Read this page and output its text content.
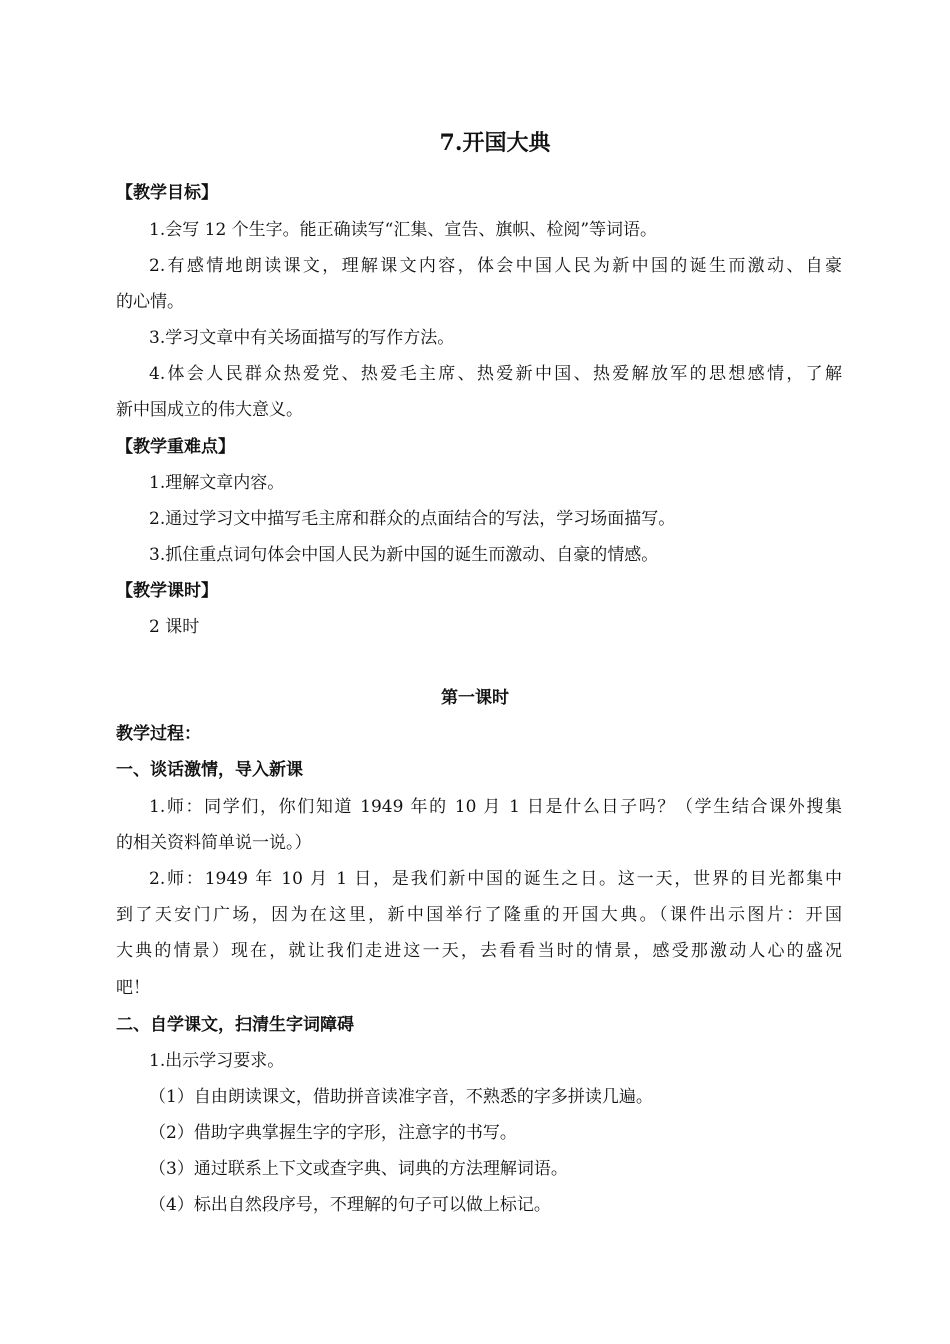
7.开国大典
【教学目标】
1.会写 12 个生字。能正确读写“汇集、宣告、旗帜、检阅”等词语。
2.有感情地朗读课文，理解课文内容，体会中国人民为新中国的诞生而激动、自豪
的心情。
3.学习文章中有关场面描写的写作方法。
4.体会人民群众热爱党、热爱毛主席、热爱新中国、热爱解放军的思想感情，了解
新中国成立的伟大意义。
【教学重难点】
1.理解文章内容。
2.通过学习文中描写毛主席和群众的点面结合的写法，学习场面描写。
3.抓住重点词句体会中国人民为新中国的诞生而激动、自豪的情感。
【教学课时】
2 课时
第一课时
教学过程：
一、谈话激情，导入新课
1.师：同学们，你们知道 1949 年的 10 月 1 日是什么日子吗？（学生结合课外搜集
的相关资料简单说一说。）
2.师：1949 年 10 月 1 日，是我们新中国的诞生之日。这一天，世界的目光都集中
到了天安门广场，因为在这里，新中国举行了隆重的开国大典。（课件出示图片：开国
大典的情景）现在，就让我们走进这一天，去看看当时的情景，感受那激动人心的盛况
吧！
二、自学课文，扫清生字词障碍
1.出示学习要求。
（1）自由朗读课文，借助拼音读准字音，不熟悉的字多拼读几遍。
（2）借助字典掌握生字的字形，注意字的书写。
（3）通过联系上下文或查字典、词典的方法理解词语。
（4）标出自然段序号，不理解的句子可以做上标记。
